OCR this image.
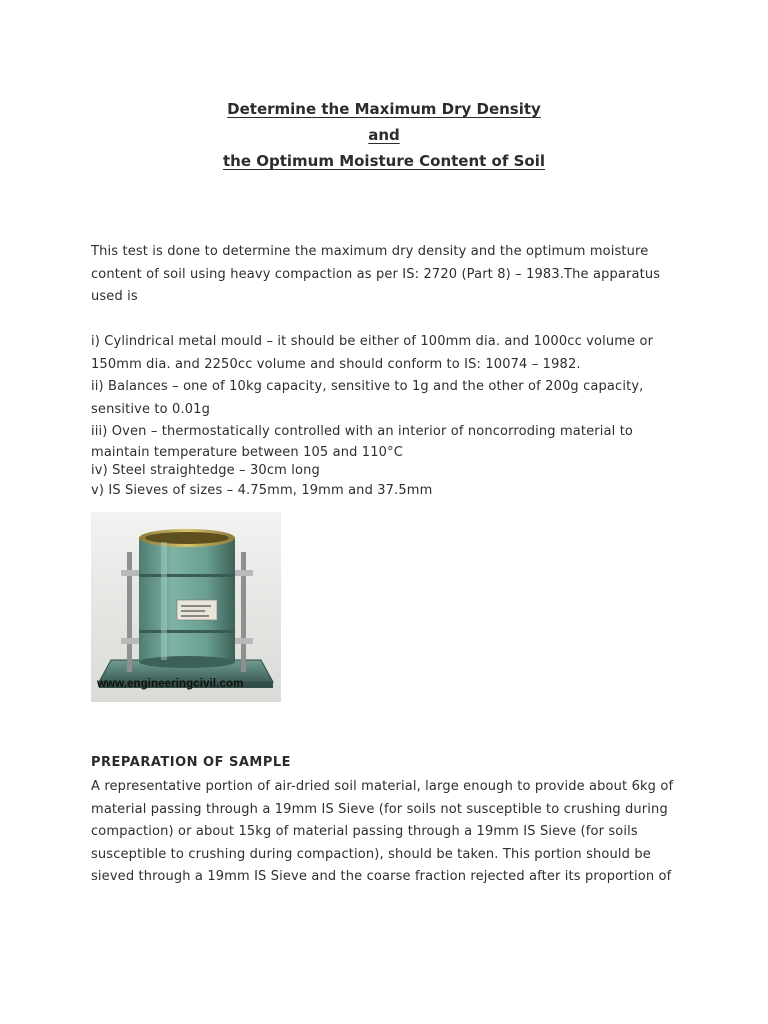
Determine the Maximum Dry Density
and
the Optimum Moisture Content of Soil
This test is done to determine the maximum dry density and the optimum moisture
content of soil using heavy compaction as per IS: 2720 (Part 8) – 1983.The apparatus
used is
i) Cylindrical metal mould – it should be either of 100mm dia. and 1000cc volume or
150mm dia. and 2250cc volume and should conform to IS: 10074 – 1982.
ii) Balances – one of 10kg capacity, sensitive to 1g and the other of 200g capacity,
sensitive to 0.01g
iii) Oven – thermostatically controlled with an interior of noncorroding material to
maintain temperature between 105 and 110°C
iv) Steel straightedge – 30cm long
v) IS Sieves of sizes – 4.75mm, 19mm and 37.5mm
www.engineeringcivil.com
PREPARATION OF SAMPLE
A representative portion of air-dried soil material, large enough to provide about 6kg of
material passing through a 19mm IS Sieve (for soils not susceptible to crushing during
compaction) or about 15kg of material passing through a 19mm IS Sieve (for soils
susceptible to crushing during compaction), should be taken. This portion should be
sieved through a 19mm IS Sieve and the coarse fraction rejected after its proportion of
